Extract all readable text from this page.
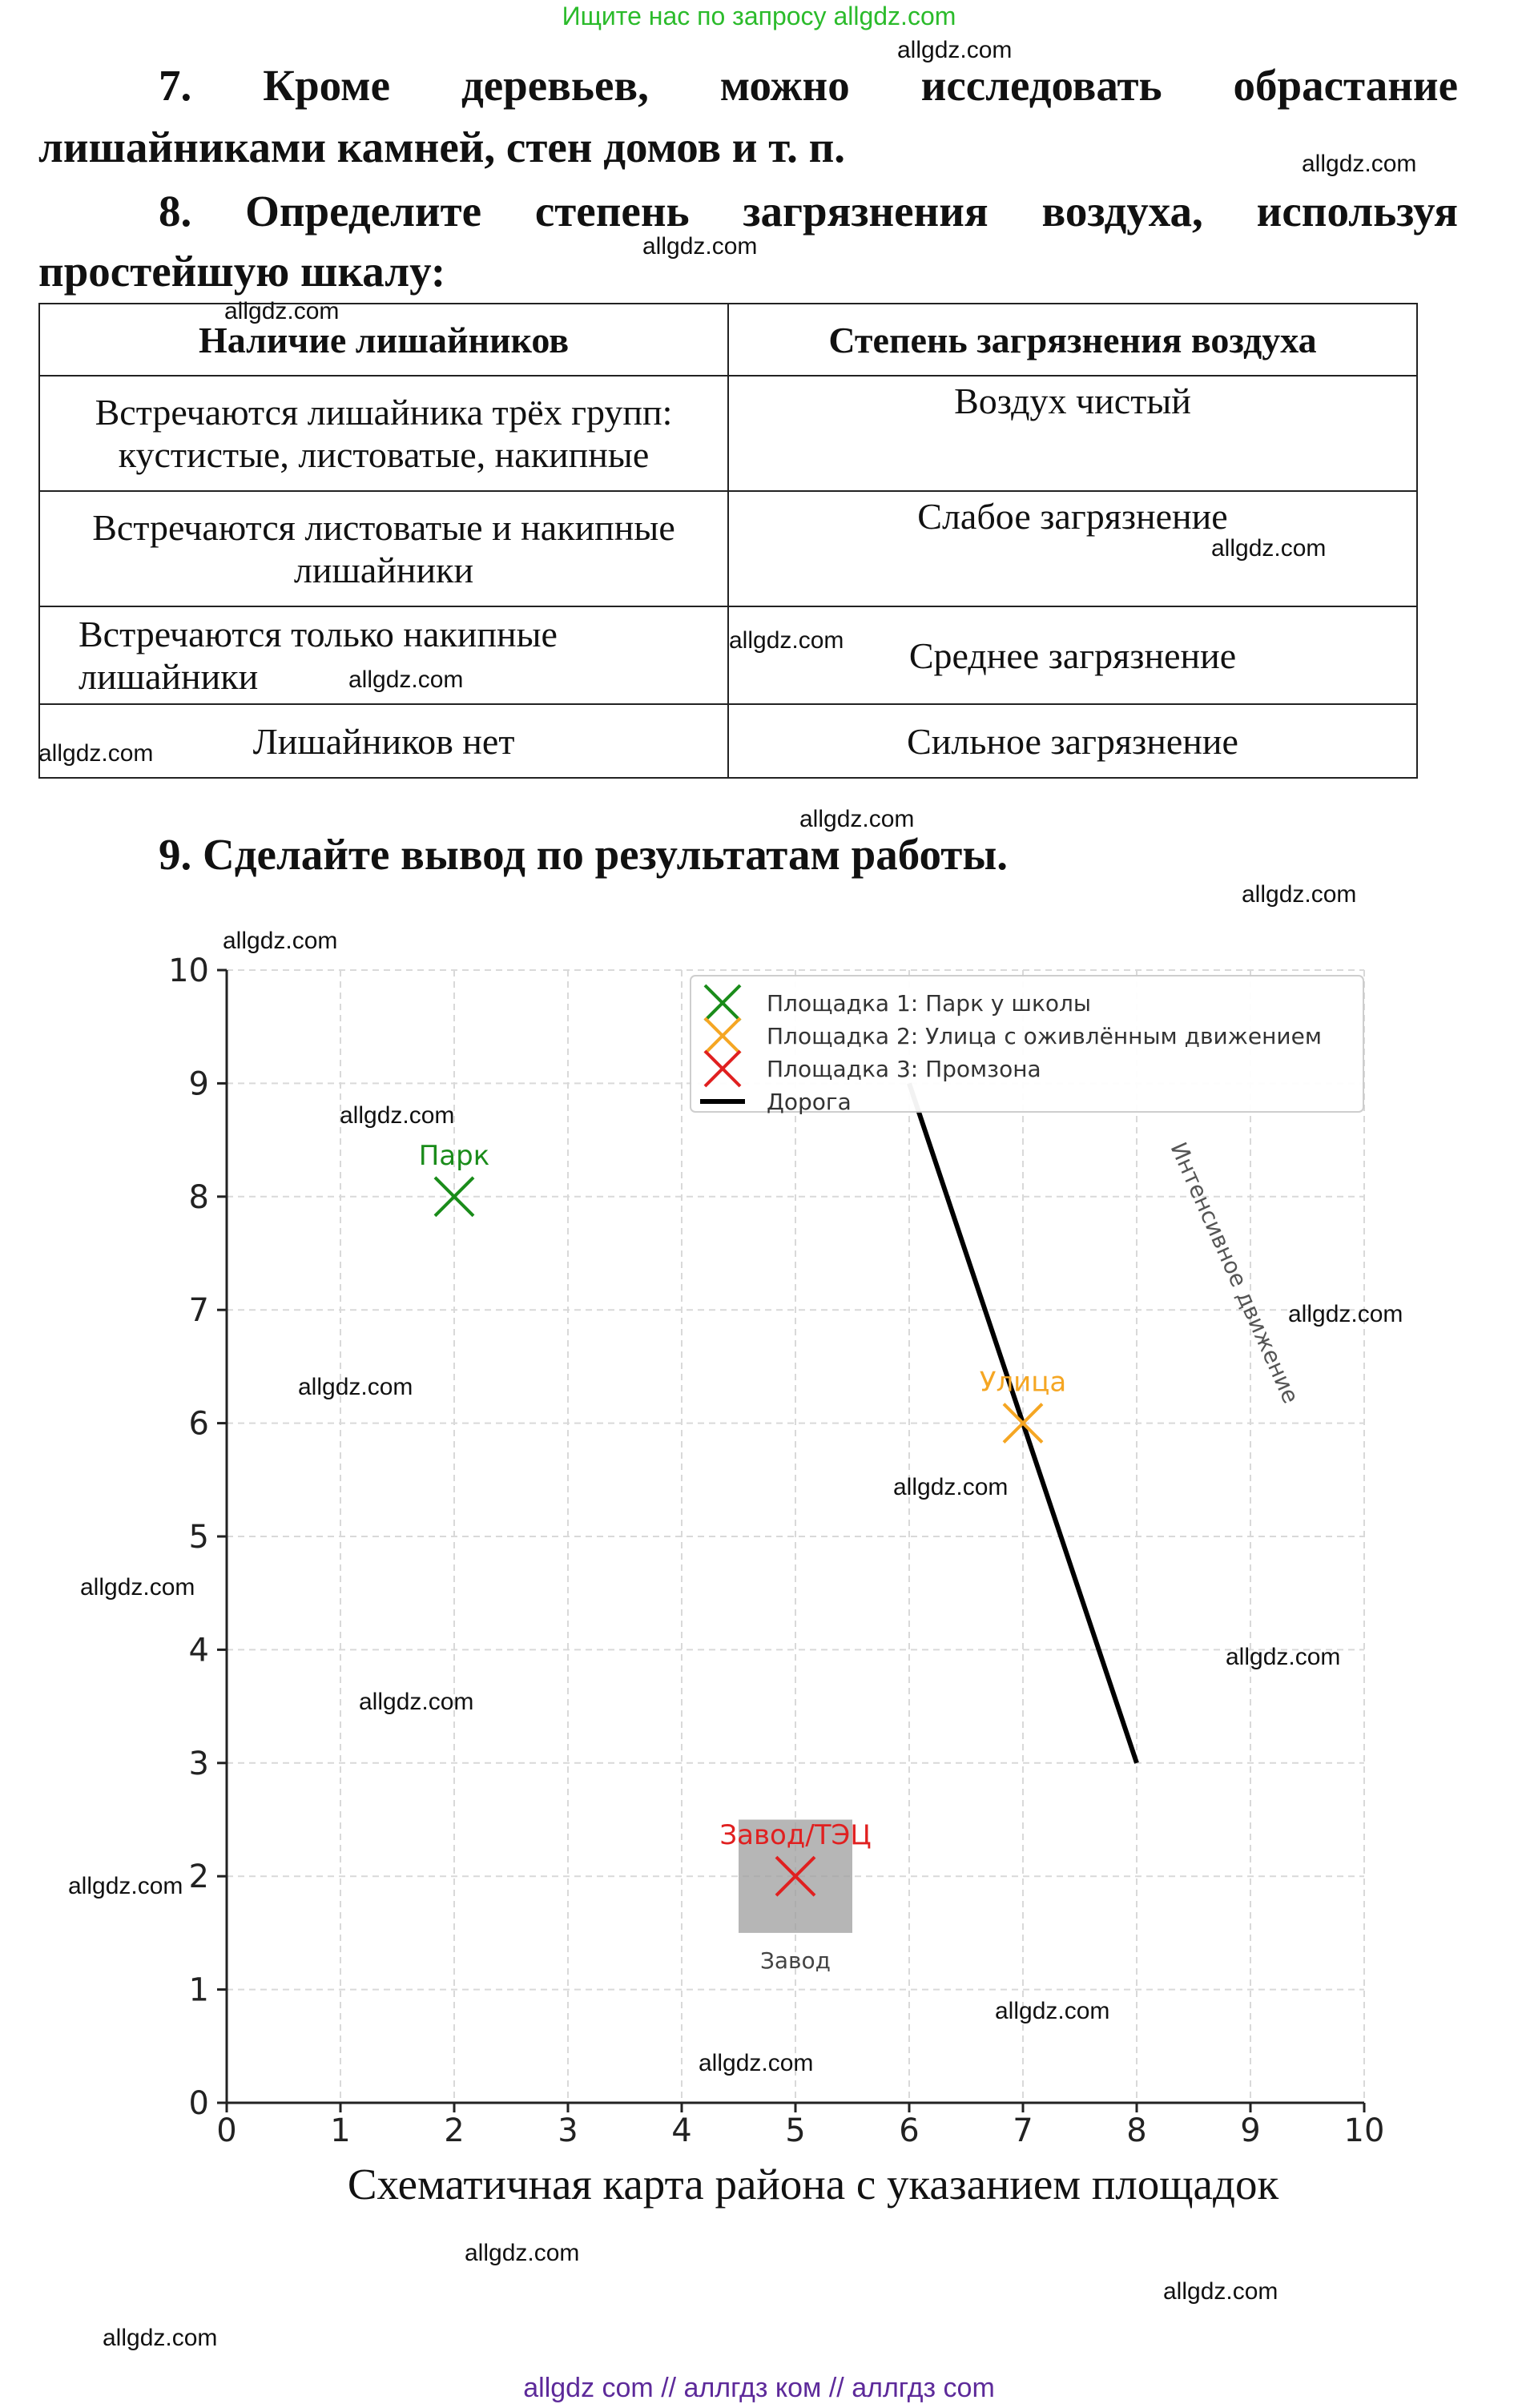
Ищите нас по запросу allgdz.com
7. Кроме деревьев, можно исследовать обрастание
лишайниками камней, стен домов и т. п.
8. Определите степень загрязнения воздуха, используя
простейшую шкалу:
Наличие лишайников	Степень загрязнения воздуха
Встречаются лишайника трёх групп: кустистые, листоватые, накипные	Воздух чистый
Встречаются листоватые и накипные лишайники	Слабое загрязнение
Встречаются только накипные лишайники	Среднее загрязнение
Лишайников нет	Сильное загрязнение
9. Сделайте вывод по результатам работы.
0	1	2	3	4	5	6	7	8	9	10
0
1
2
3
4
5
6
7
8
9
10
Завод
Интенсивное движение
Парк
Улица
Завод/ТЭЦ
Площадка 1: Парк у школы
Площадка 2: Улица с оживлённым движением
Площадка 3: Промзона
Дорога
Схематичная карта района с указанием площадок
allgdz.com
allgdz.com
allgdz.com
allgdz.com
allgdz.com
allgdz.com
allgdz.com
allgdz.com
allgdz.com
allgdz.com
allgdz.com
allgdz.com
allgdz.com
allgdz.com
allgdz.com
allgdz.com
allgdz.com
allgdz.com
allgdz.com
allgdz.com
allgdz.com
allgdz.com
allgdz.com
allgdz.com
allgdz com // аллгдз ком // аллгдз com
